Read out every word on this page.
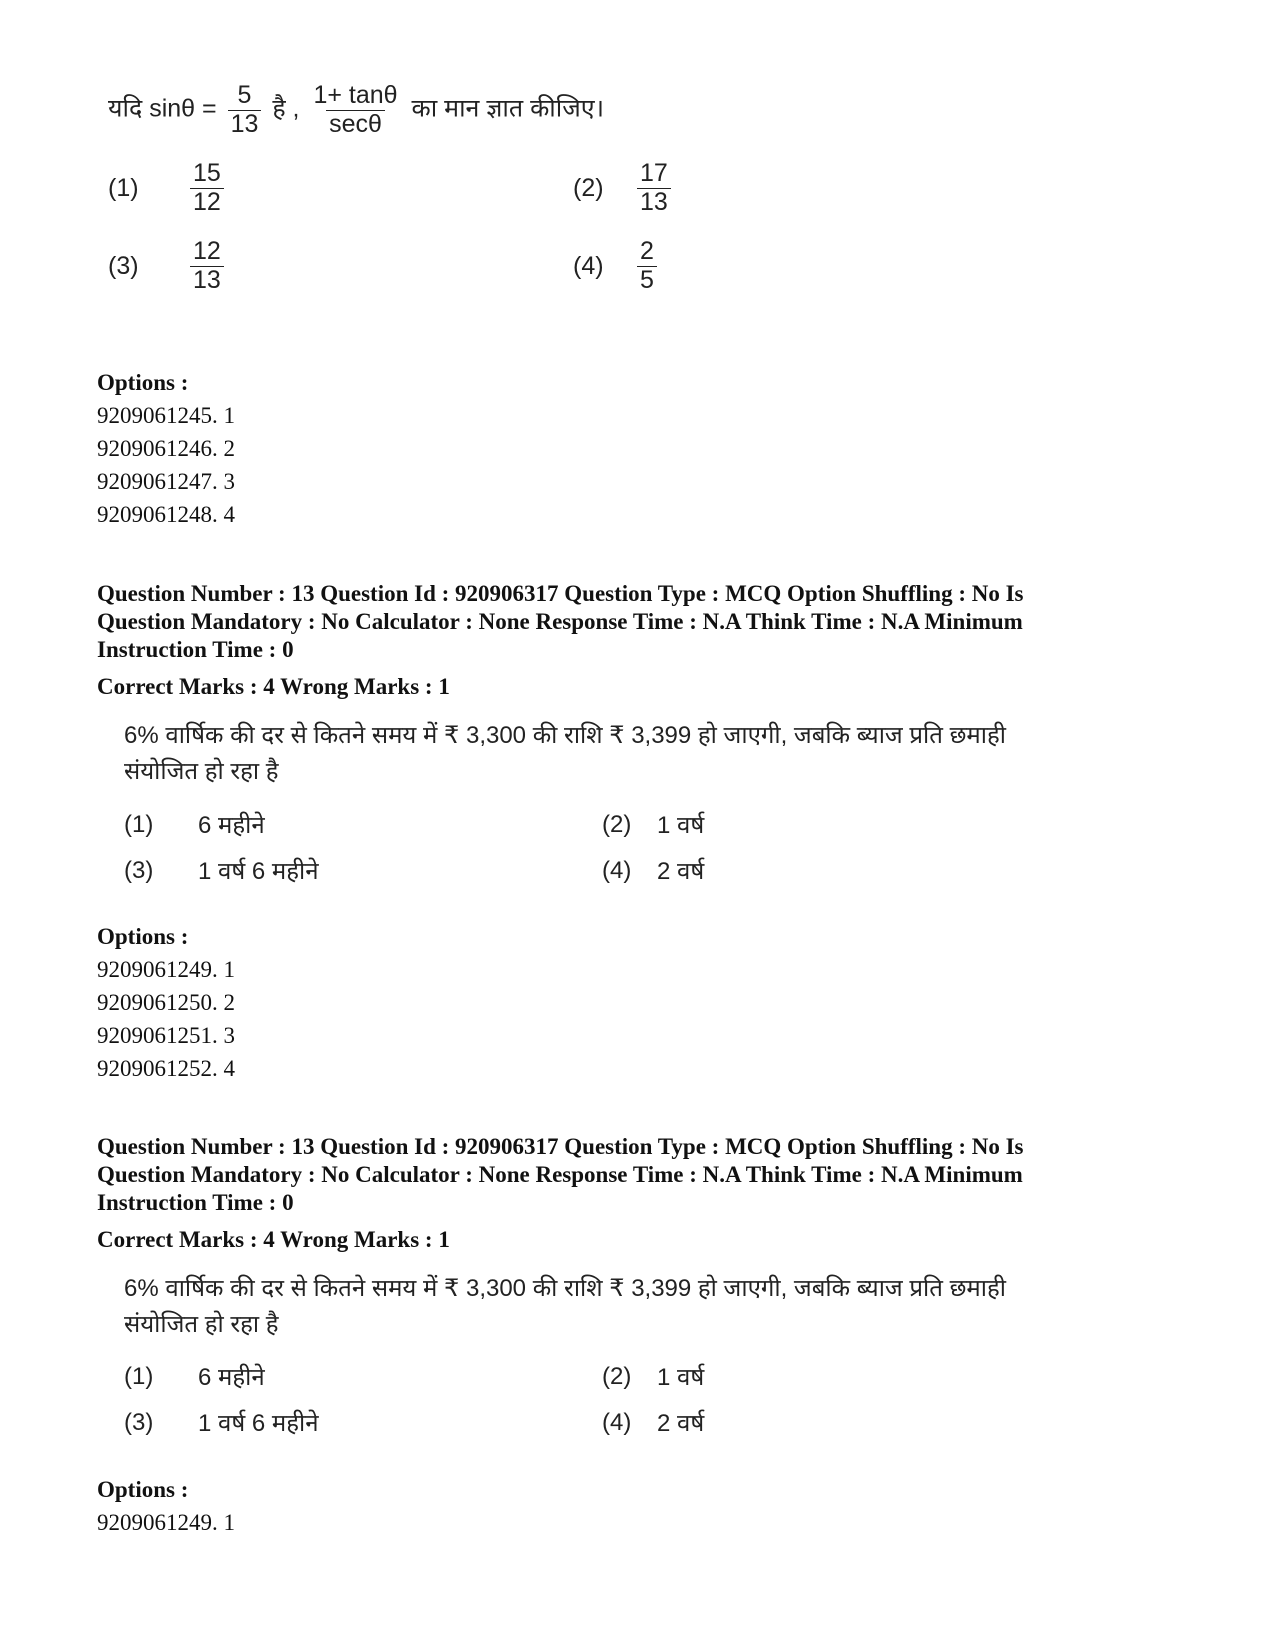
यदि $\sin\theta = \frac{5}{13}$ है , $\frac{1+ \tan\theta}{\sec\theta}$ का मान ज्ञात कीजिए।
(1)	$\frac{15}{12}$	(2)	$\frac{17}{13}$
(3)	$\frac{12}{13}$	(4)	$\frac{2}{5}$
Options :
9209061245. 1
9209061246. 2
9209061247. 3
9209061248. 4
Question Number : 13 Question Id : 920906317 Question Type : MCQ Option Shuffling : No Is
Question Mandatory : No Calculator : None Response Time : N.A Think Time : N.A Minimum
Instruction Time : 0
Correct Marks : 4 Wrong Marks : 1
6% वार्षिक की दर से कितने समय में ₹ 3,300 की राशि ₹ 3,399 हो जाएगी, जबकि ब्याज प्रति छमाही
संयोजित हो रहा है
(1)	6 महीने	(2)	1 वर्ष
(3)	1 वर्ष 6 महीने	(4)	2 वर्ष
Options :
9209061249. 1
9209061250. 2
9209061251. 3
9209061252. 4
Question Number : 13 Question Id : 920906317 Question Type : MCQ Option Shuffling : No Is
Question Mandatory : No Calculator : None Response Time : N.A Think Time : N.A Minimum
Instruction Time : 0
Correct Marks : 4 Wrong Marks : 1
6% वार्षिक की दर से कितने समय में ₹ 3,300 की राशि ₹ 3,399 हो जाएगी, जबकि ब्याज प्रति छमाही
संयोजित हो रहा है
(1)	6 महीने	(2)	1 वर्ष
(3)	1 वर्ष 6 महीने	(4)	2 वर्ष
Options :
9209061249. 1
